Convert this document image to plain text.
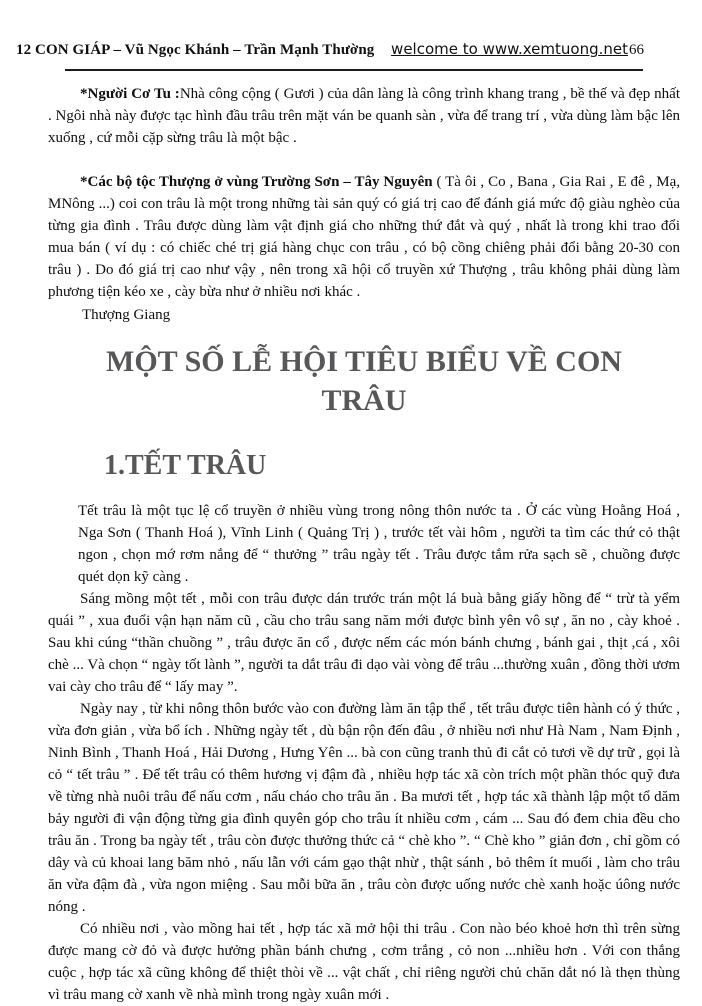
12 CON GIÁP – Vũ Ngọc Khánh – Trần Mạnh Thường welcome to www.xemtuong.net 66

*Người Cơ Tu :Nhà công cộng ( Gươi ) của dân làng là công trình khang trang , bề thế và đẹp nhất . Ngôi nhà này được tạc hình đầu trâu trên mặt ván be quanh sàn , vừa để trang trí , vừa dùng làm bậc lên xuống , cứ mỗi cặp sừng trâu là một bậc .

*Các bộ tộc Thượng ở vùng Trường Sơn – Tây Nguyên ( Tà ôi , Co , Bana , Gia Rai , E đê , Mạ, MNông ...) coi con trâu là một trong những tài sản quý có giá trị cao để đánh giá mức độ giàu nghèo của từng gia đình . Trâu được dùng làm vật định giá cho những thứ đắt và quý , nhất là trong khi trao đổi mua bán ( ví dụ : có chiếc ché trị giá hàng chục con trâu , có bộ cồng chiêng phải đổi bằng 20-30 con trâu ) . Do đó giá trị cao như vậy , nên trong xã hội cổ truyền xứ Thượng , trâu không phải dùng làm phương tiện kéo xe , cày bừa như ở nhiều nơi khác .

Thượng Giang

MỘT SỐ LỄ HỘI TIÊU BIỂU VỀ CON TRÂU
1.TẾT TRÂU

Tết trâu là một tục lệ cổ truyền ở nhiều vùng trong nông thôn nước ta . Ở các vùng Hoằng Hoá , Nga Sơn ( Thanh Hoá ), Vĩnh Linh ( Quảng Trị ) , trước tết vài hôm , người ta tìm các thứ cỏ thật ngon , chọn mớ rơm nắng để “ thưởng ” trâu ngày tết . Trâu được tắm rửa sạch sẽ , chuồng được quét dọn kỹ càng .

Sáng mồng một tết , mỗi con trâu được dán trước trán một lá buà bằng giấy hồng để “ trừ tà yểm quái ” , xua đuổi vận hạn năm cũ , cầu cho trâu sang năm mới được bình yên vô sự , ăn no , cày khoẻ . Sau khi cúng “thần chuồng ” , trâu được ăn cổ , được nếm các món bánh chưng , bánh gai , thịt ,cá , xôi chè ... Và chọn “ ngày tốt lành ”, người ta dắt trâu đi dạo vài vòng để trâu ...thường xuân , đồng thời ươm vai cày cho trâu để “ lấy may ”.

Ngày nay , từ khi nông thôn bước vào con đường làm ăn tập thể , tết trâu được tiên hành có ý thức , vừa đơn giản , vừa bổ ích . Những ngày tết , dù bận rộn đến đâu , ở nhiều nơi như Hà Nam , Nam Định , Ninh Bình , Thanh Hoá , Hải Dương , Hưng Yên ... bà con cũng tranh thủ đi cắt cỏ tươi về dự trữ , gọi là cỏ “ tết trâu ” . Để tết trâu có thêm hương vị đậm đà , nhiều hợp tác xã còn trích một phần thóc quỹ đưa về từng nhà nuôi trâu để nấu cơm , nấu cháo cho trâu ăn . Ba mươi tết , hợp tác xã thành lập một tổ dăm bảy người đi vận động từng gia đình quyên góp cho trâu ít nhiều cơm , cám ... Sau đó đem chia đều cho trâu ăn . Trong ba ngày tết , trâu còn được thưởng thức cả “ chè kho ”. “ Chè kho ” giản đơn , chỉ gồm có dây và củ khoai lang băm nhỏ , nấu lẫn với cám gạo thật nhừ , thật sánh , bỏ thêm ít muối , làm cho trâu ăn vừa đậm đà , vừa ngon miệng . Sau mỗi bữa ăn , trâu còn được uống nước chè xanh hoặc úông nước nóng .

Có nhiều nơi , vào mồng hai tết , hợp tác xã mở hội thi trâu . Con nào béo khoẻ hơn thì trên sừng được mang cờ đỏ và được hưởng phần bánh chưng , cơm trắng , cỏ non ...nhiều hơn . Với con thắng cuộc , hợp tác xã cũng không để thiệt thòi về ... vật chất , chỉ riêng người chủ chăn dắt nó là thẹn thùng vì trâu mang cờ xanh về nhà mình trong ngày xuân mới .
